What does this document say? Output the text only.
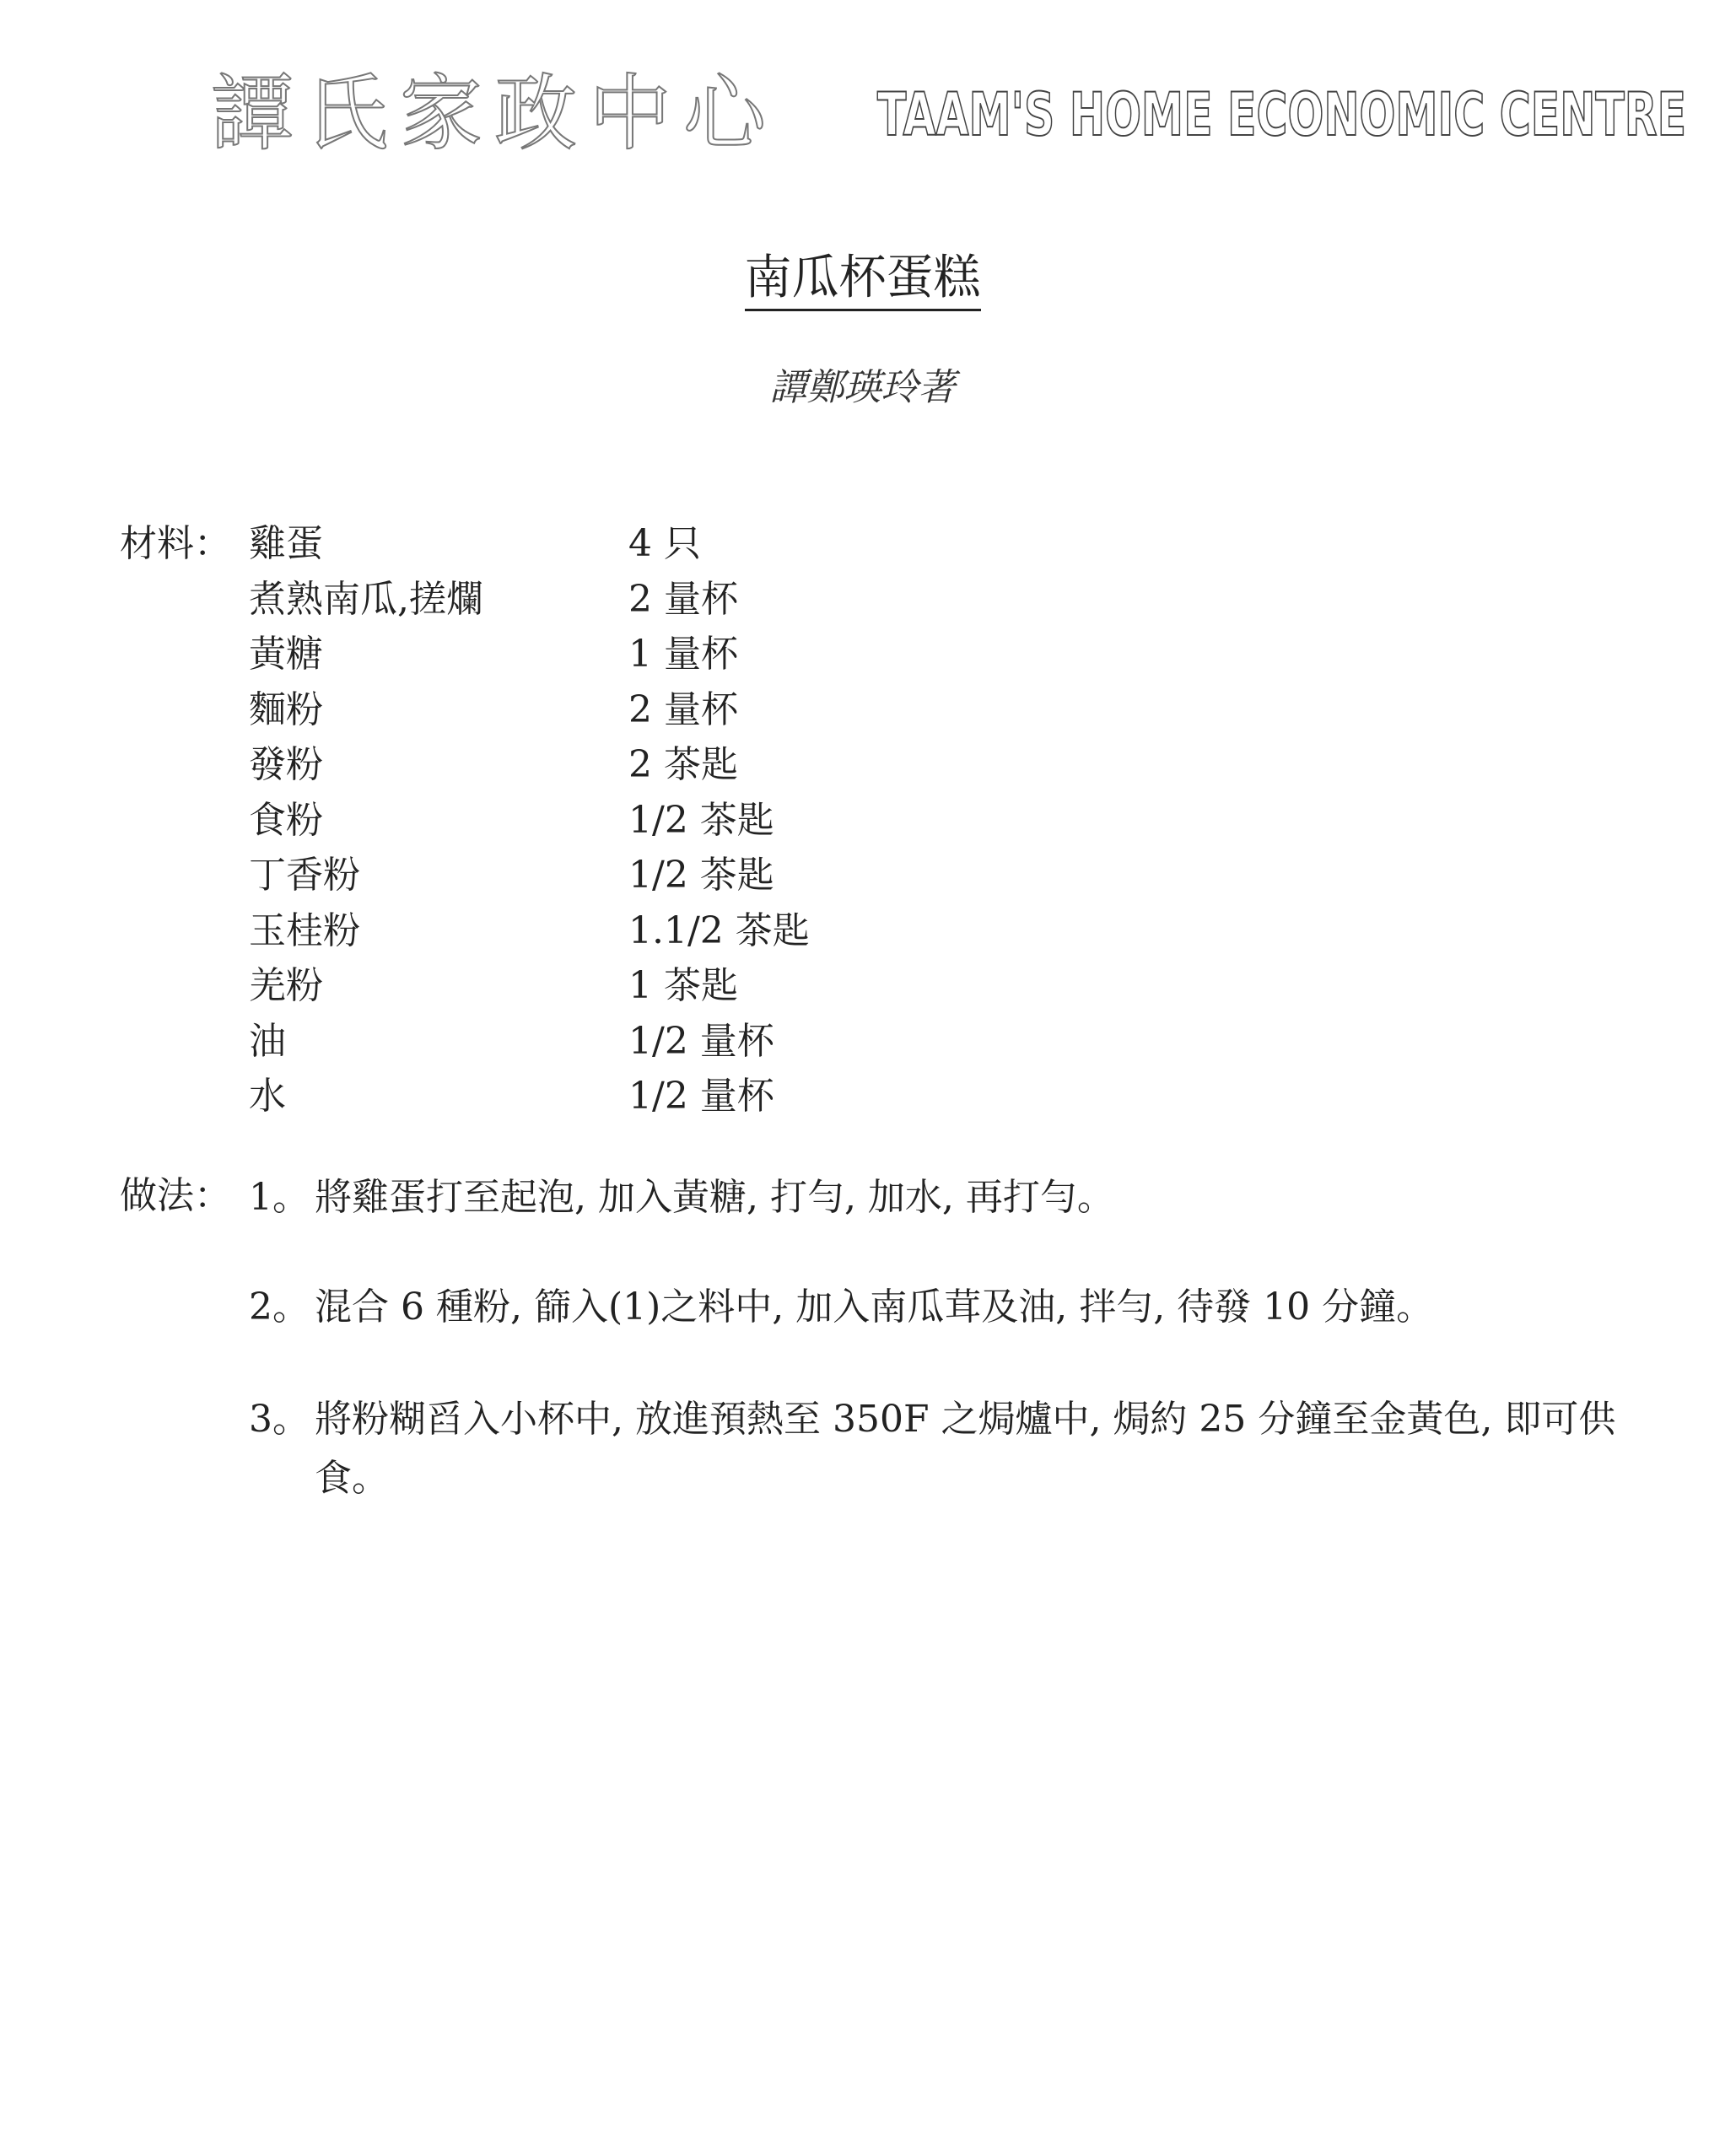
譚氏家政中心 TAAM'S HOME ECONOMIC CENTRE
南瓜杯蛋糕
譚鄭瑛玲著
材料： 雞蛋	4 只
煮熟南瓜,搓爛	2 量杯
黃糖	1 量杯
麵粉	2 量杯
發粉	2 茶匙
食粉	1/2 茶匙
丁香粉	1/2 茶匙
玉桂粉	1.1/2 茶匙
羌粉	1 茶匙
油	1/2 量杯
水	1/2 量杯
做法： 1。 將雞蛋打至起泡, 加入黃糖, 打勻, 加水, 再打勻。
2。 混合 6 種粉, 篩入(1)之料中, 加入南瓜茸及油, 拌勻, 待發 10 分鐘。
3。 將粉糊舀入小杯中, 放進預熱至 350F 之焗爐中, 焗約 25 分鐘至金黃色, 即可供食。
